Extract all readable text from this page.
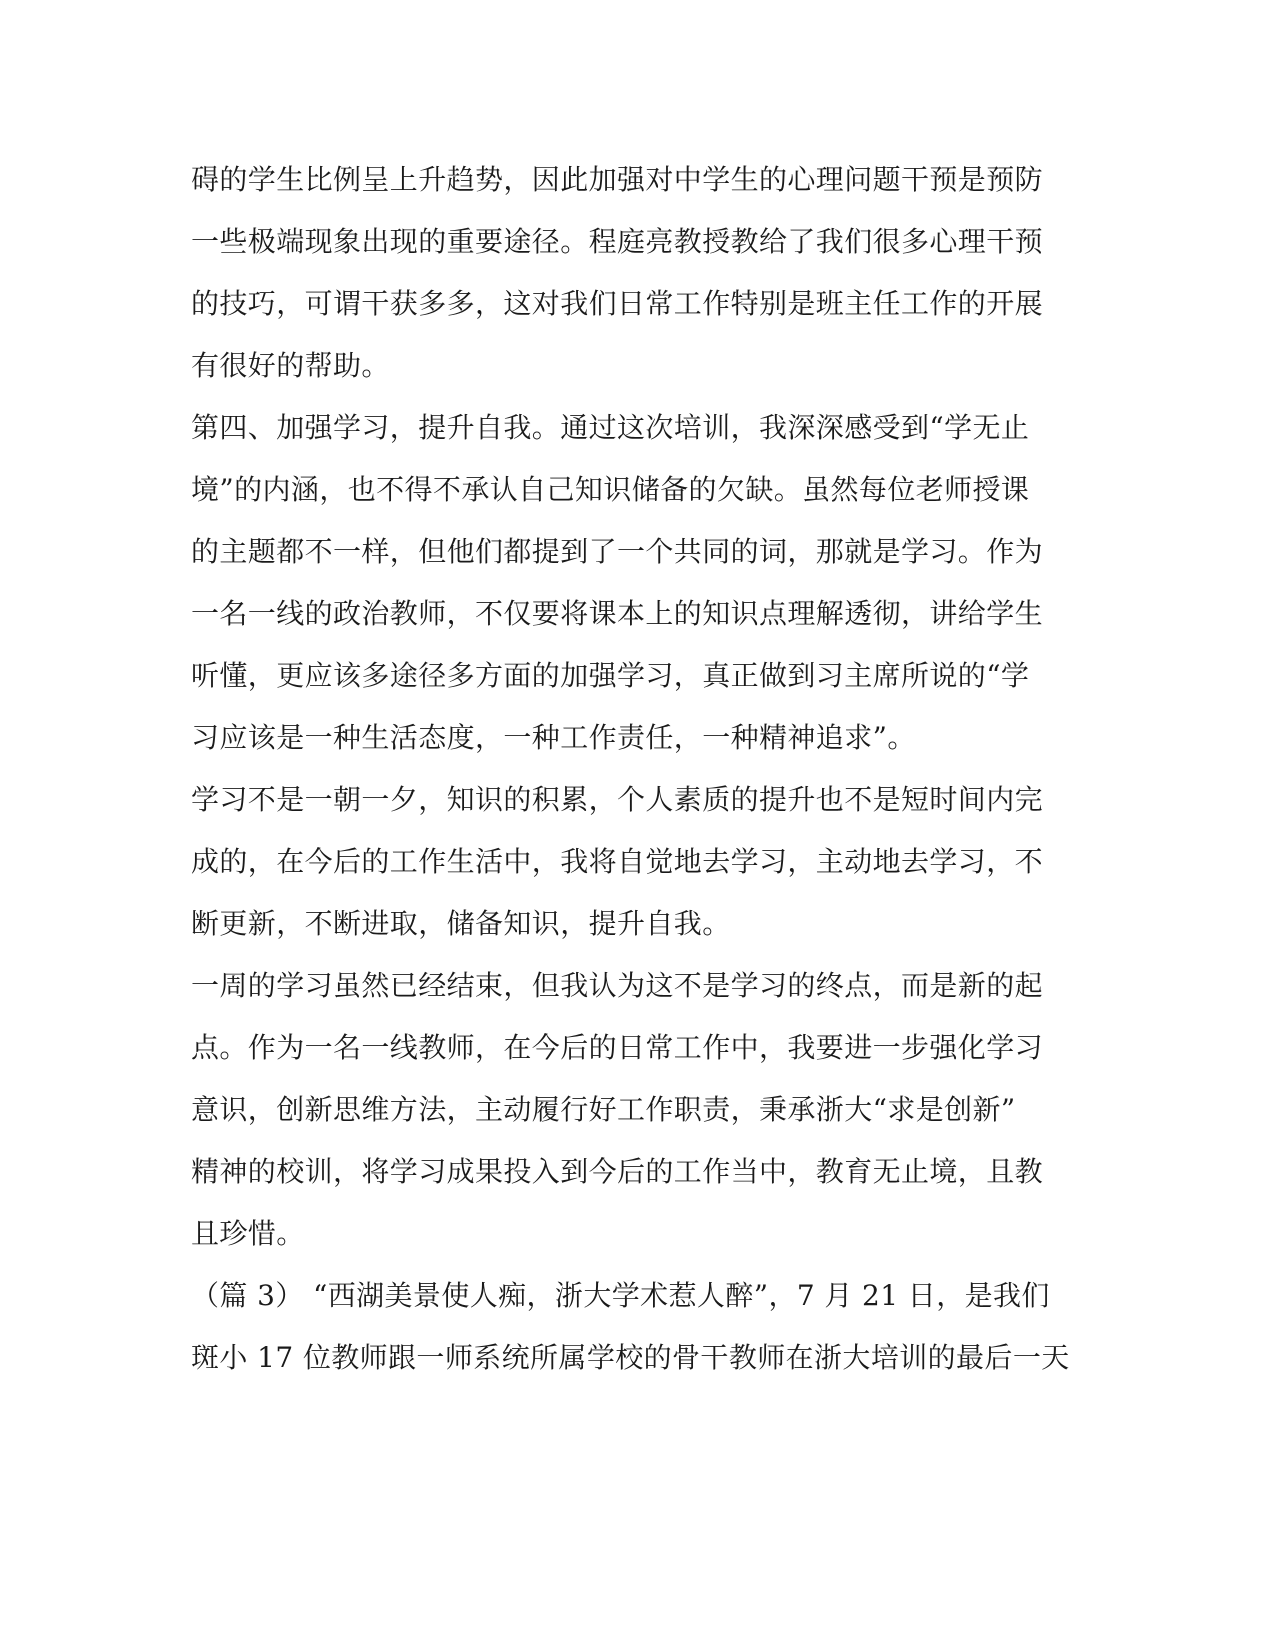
碍的学生比例呈上升趋势，因此加强对中学生的心理问题干预是预防
一些极端现象出现的重要途径。程庭亮教授教给了我们很多心理干预
的技巧，可谓干获多多，这对我们日常工作特别是班主任工作的开展
有很好的帮助。
第四、加强学习，提升自我。通过这次培训，我深深感受到“学无止
境”的内涵，也不得不承认自己知识储备的欠缺。虽然每位老师授课
的主题都不一样，但他们都提到了一个共同的词，那就是学习。作为
一名一线的政治教师，不仅要将课本上的知识点理解透彻，讲给学生
听懂，更应该多途径多方面的加强学习，真正做到习主席所说的“学
习应该是一种生活态度，一种工作责任，一种精神追求”。
学习不是一朝一夕，知识的积累，个人素质的提升也不是短时间内完
成的，在今后的工作生活中，我将自觉地去学习，主动地去学习，不
断更新，不断进取，储备知识，提升自我。
一周的学习虽然已经结束，但我认为这不是学习的终点，而是新的起
点。作为一名一线教师，在今后的日常工作中，我要进一步强化学习
意识，创新思维方法，主动履行好工作职责，秉承浙大“求是创新”
精神的校训，将学习成果投入到今后的工作当中，教育无止境，且教
且珍惜。
（篇 3） “西湖美景使人痴，浙大学术惹人醉”，7 月 21 日，是我们
斑小 17 位教师跟一师系统所属学校的骨干教师在浙大培训的最后一天
